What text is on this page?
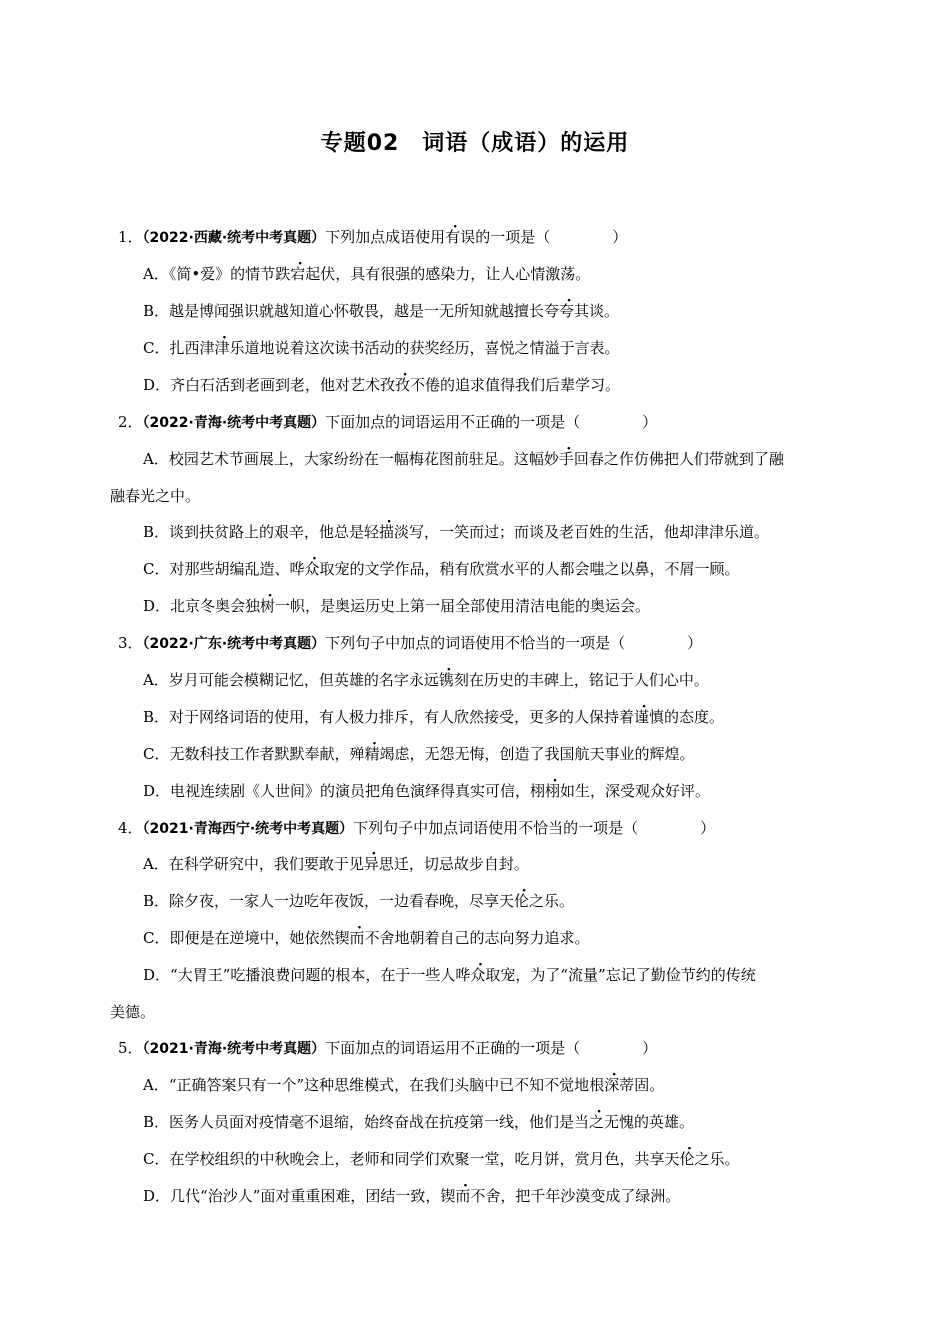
专题02　词语（成语）的运用
1．（2022·西藏·统考中考真题）下列加点成语使用有误的一项是（	）
A．《简•爱》的情节跌宕起伏，具有很强的感染力，让人心情激荡。
B．越是博闻强识就越知道心怀敬畏，越是一无所知就越擅长夸夸其谈。
C．扎西津津乐道地说着这次读书活动的获奖经历，喜悦之情溢于言表。
D．齐白石活到老画到老，他对艺术孜孜不倦的追求值得我们后辈学习。
2．（2022·青海·统考中考真题）下面加点的词语运用不正确的一项是（	）
A．校园艺术节画展上，大家纷纷在一幅梅花图前驻足。这幅妙手回春之作仿佛把人们带就到了融
融春光之中。
B．谈到扶贫路上的艰辛，他总是轻描淡写，一笑而过；而谈及老百姓的生活，他却津津乐道。
C．对那些胡编乱造、哗众取宠的文学作品，稍有欣赏水平的人都会嗤之以鼻，不屑一顾。
D．北京冬奥会独树一帜，是奥运历史上第一届全部使用清洁电能的奥运会。
3．（2022·广东·统考中考真题）下列句子中加点的词语使用不恰当的一项是（	）
A．岁月可能会模糊记忆，但英雄的名字永远镌刻在历史的丰碑上，铭记于人们心中。
B．对于网络词语的使用，有人极力排斥，有人欣然接受，更多的人保持着谨慎的态度。
C．无数科技工作者默默奉献，殚精竭虑，无怨无悔，创造了我国航天事业的辉煌。
D．电视连续剧《人世间》的演员把角色演绎得真实可信，栩栩如生，深受观众好评。
4．（2021·青海西宁·统考中考真题）下列句子中加点词语使用不恰当的一项是（	）
A．在科学研究中，我们要敢于见异思迁，切忌故步自封。
B．除夕夜，一家人一边吃年夜饭，一边看春晚，尽享天伦之乐。
C．即便是在逆境中，她依然锲而不舍地朝着自己的志向努力追求。
D．“大胃王”吃播浪费问题的根本，在于一些人哗众取宠，为了“流量”忘记了勤俭节约的传统
美德。
5．（2021·青海·统考中考真题）下面加点的词语运用不正确的一项是（	）
A．“正确答案只有一个”这种思维模式，在我们头脑中已不知不觉地根深蒂固。
B．医务人员面对疫情毫不退缩，始终奋战在抗疫第一线，他们是当之无愧的英雄。
C．在学校组织的中秋晚会上，老师和同学们欢聚一堂，吃月饼，赏月色，共享天伦之乐。
D．几代“治沙人”面对重重困难，团结一致，锲而不舍，把千年沙漠变成了绿洲。
